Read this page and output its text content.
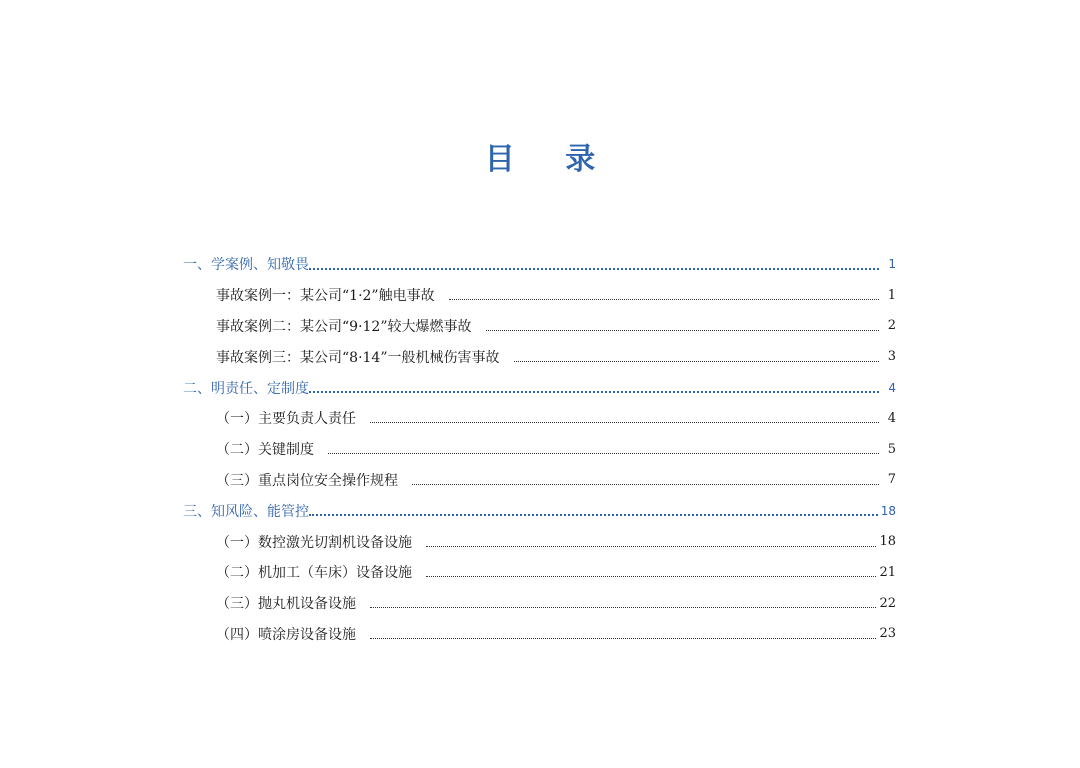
目 录
一、学案例、知敬畏	1
事故案例一：某公司“1·2”触电事故	1
事故案例二：某公司“9·12”较大爆燃事故	2
事故案例三：某公司“8·14”一般机械伤害事故	3
二、明责任、定制度	4
（一）主要负责人责任	4
（二）关键制度	5
（三）重点岗位安全操作规程	7
三、知风险、能管控	18
（一）数控激光切割机设备设施	18
（二）机加工（车床）设备设施	21
（三）抛丸机设备设施	22
（四）喷涂房设备设施	23
